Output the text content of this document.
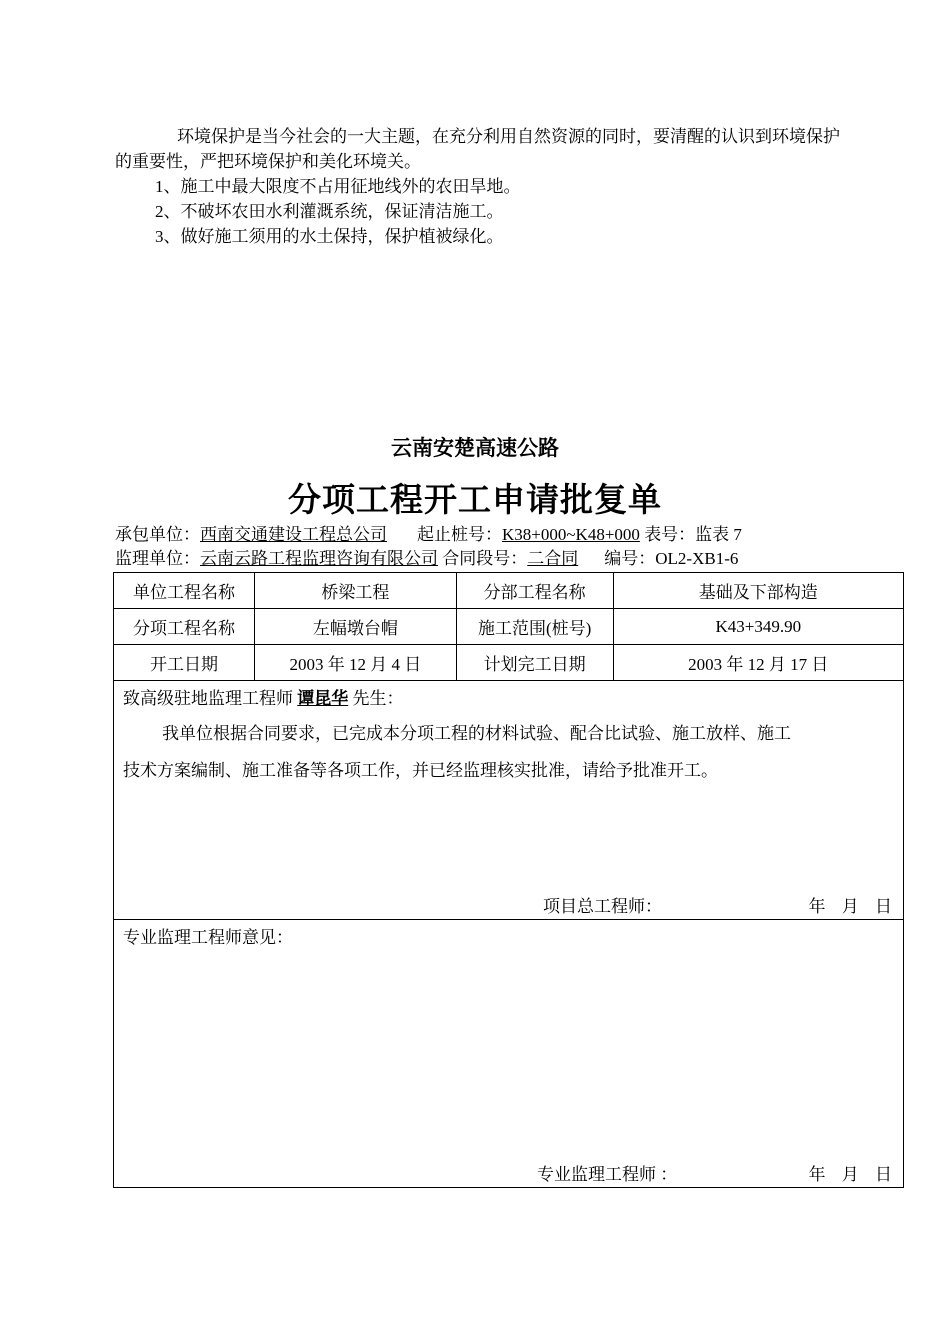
环境保护是当今社会的一大主题，在充分利用自然资源的同时，要清醒的认识到环境保护的重要性，严把环境保护和美化环境关。

1、施工中最大限度不占用征地线外的农田旱地。

2、不破坏农田水利灌溉系统，保证清洁施工。

3、做好施工须用的水土保持，保护植被绿化。

云南安楚高速公路
分项工程开工申请批复单
承包单位：西南交通建设工程总公司 起止桩号：K38+000~K48+000 表号：监表 7
监理单位：云南云路工程监理咨询有限公司 合同段号：二合同 编号：OL2-XB1-6
单位工程名称	桥梁工程	分部工程名称	基础及下部构造
分项工程名称	左幅墩台帽	施工范围(桩号)	K43+349.90
开工日期	2003 年 12 月 4 日	计划完工日期	2003 年 12 月 17 日

致高级驻地监理工程师 谭昆华 先生：
我单位根据合同要求，已完成本分项工程的材料试验、配合比试验、施工放样、施工
技术方案编制、施工准备等各项工作，并已经监理核实批准，请给予批准开工。
项目总工程师： 年 月 日			

专业监理工程师意见：
专业监理工程师 ： 年 月 日			
